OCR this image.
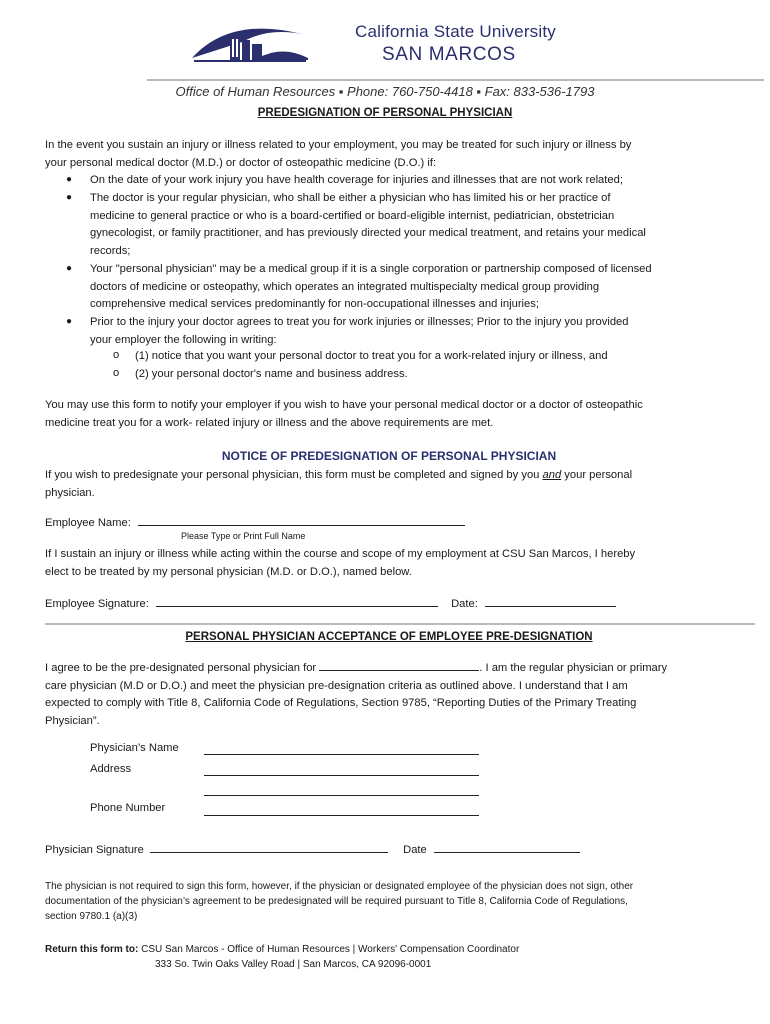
California State University
SAN MARCOS
Office of Human Resources ▪ Phone: 760-750-4418 ▪ Fax: 833-536-1793
PREDESIGNATION OF PERSONAL PHYSICIAN
In the event you sustain an injury or illness related to your employment, you may be treated for such injury or illness by
your personal medical doctor (M.D.) or doctor of osteopathic medicine (D.O.) if:
● On the date of your work injury you have health coverage for injuries and illnesses that are not work related;
● The doctor is your regular physician, who shall be either a physician who has limited his or her practice of
medicine to general practice or who is a board-certified or board-eligible internist, pediatrician, obstetrician
gynecologist, or family practitioner, and has previously directed your medical treatment, and retains your medical
records;
● Your "personal physician" may be a medical group if it is a single corporation or partnership composed of licensed
doctors of medicine or osteopathy, which operates an integrated multispecialty medical group providing
comprehensive medical services predominantly for non-occupational illnesses and injuries;
● Prior to the injury your doctor agrees to treat you for work injuries or illnesses; Prior to the injury you provided
your employer the following in writing:
o (1) notice that you want your personal doctor to treat you for a work-related injury or illness, and
o (2) your personal doctor's name and business address.
You may use this form to notify your employer if you wish to have your personal medical doctor or a doctor of osteopathic
medicine treat you for a work- related injury or illness and the above requirements are met.
NOTICE OF PREDESIGNATION OF PERSONAL PHYSICIAN
If you wish to predesignate your personal physician, this form must be completed and signed by you and your personal
physician.
Employee Name:
Please Type or Print Full Name
If I sustain an injury or illness while acting within the course and scope of my employment at CSU San Marcos, I hereby
elect to be treated by my personal physician (M.D. or D.O.), named below.
Employee Signature:	Date:
PERSONAL PHYSICIAN ACCEPTANCE OF EMPLOYEE PRE-DESIGNATION
I agree to be the pre-designated personal physician for	. I am the regular physician or primary
care physician (M.D or D.O.) and meet the physician pre-designation criteria as outlined above. I understand that I am
expected to comply with Title 8, California Code of Regulations, Section 9785, “Reporting Duties of the Primary Treating
Physician”.
Physician’s Name
Address
Phone Number
Physician Signature	Date
The physician is not required to sign this form, however, if the physician or designated employee of the physician does not sign, other
documentation of the physician’s agreement to be predesignated will be required pursuant to Title 8, California Code of Regulations,
section 9780.1 (a)(3)
Return this form to: CSU San Marcos - Office of Human Resources | Workers' Compensation Coordinator
333 So. Twin Oaks Valley Road | San Marcos, CA 92096-0001
